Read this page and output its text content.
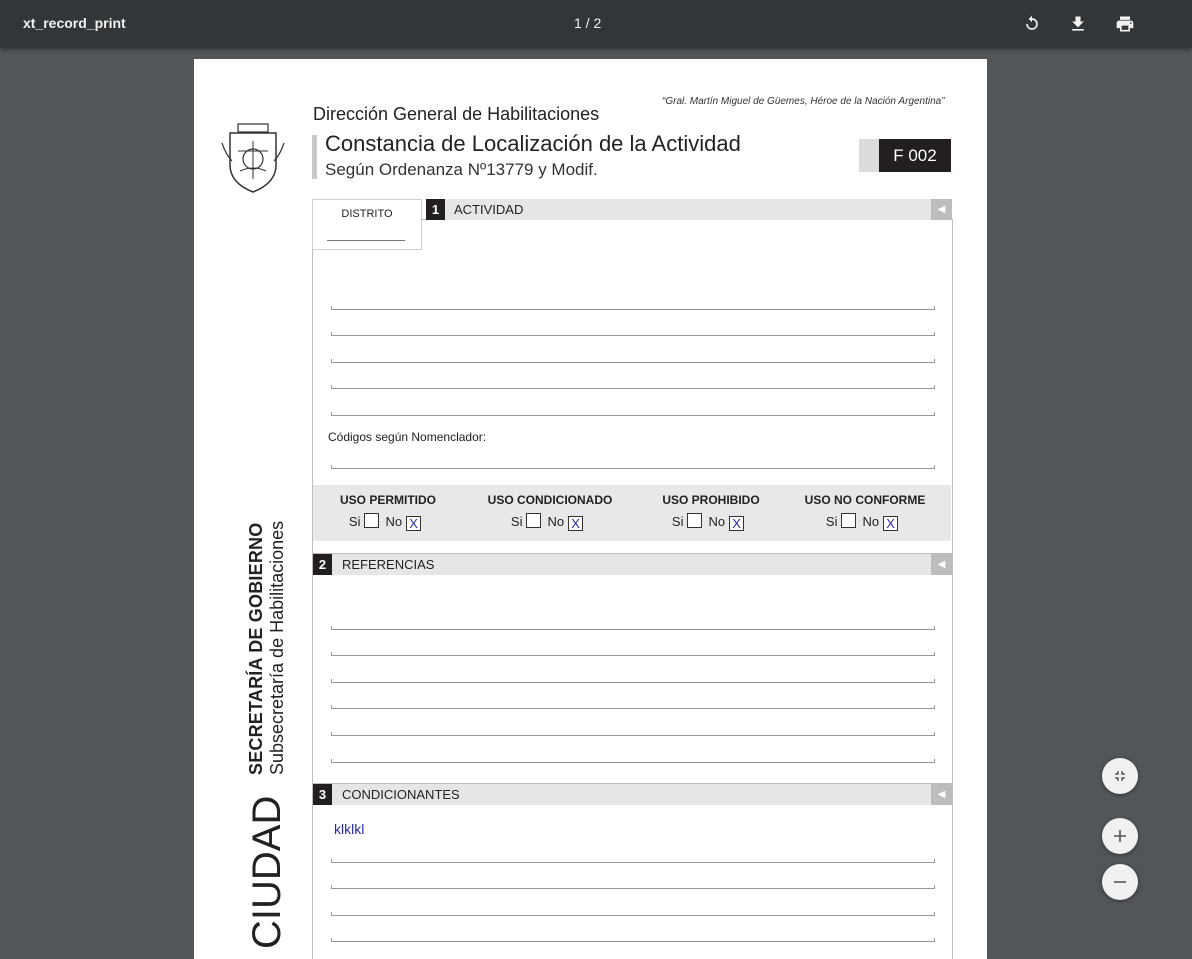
xt_record_print	1 / 2
“Gral. Martín Miguel de Güemes, Héroe de la Nación Argentina”
Dirección General de Habilitaciones
Constancia de Localización de la Actividad
Según Ordenanza Nº13779 y Modif.
F 002
CIUDAD
SECRETARÍA DE GOBIERNO Subsecretaría de Habilitaciones
DISTRITO	1	ACTIVIDAD	◀
Códigos según Nomenclador:
USO PERMITIDO
Si No X
USO CONDICIONADO
Si No X
USO PROHIBIDO
Si No X
USO NO CONFORME
Si No X
2	REFERENCIAS	◀
3	CONDICIONANTES	◀
klklkl
